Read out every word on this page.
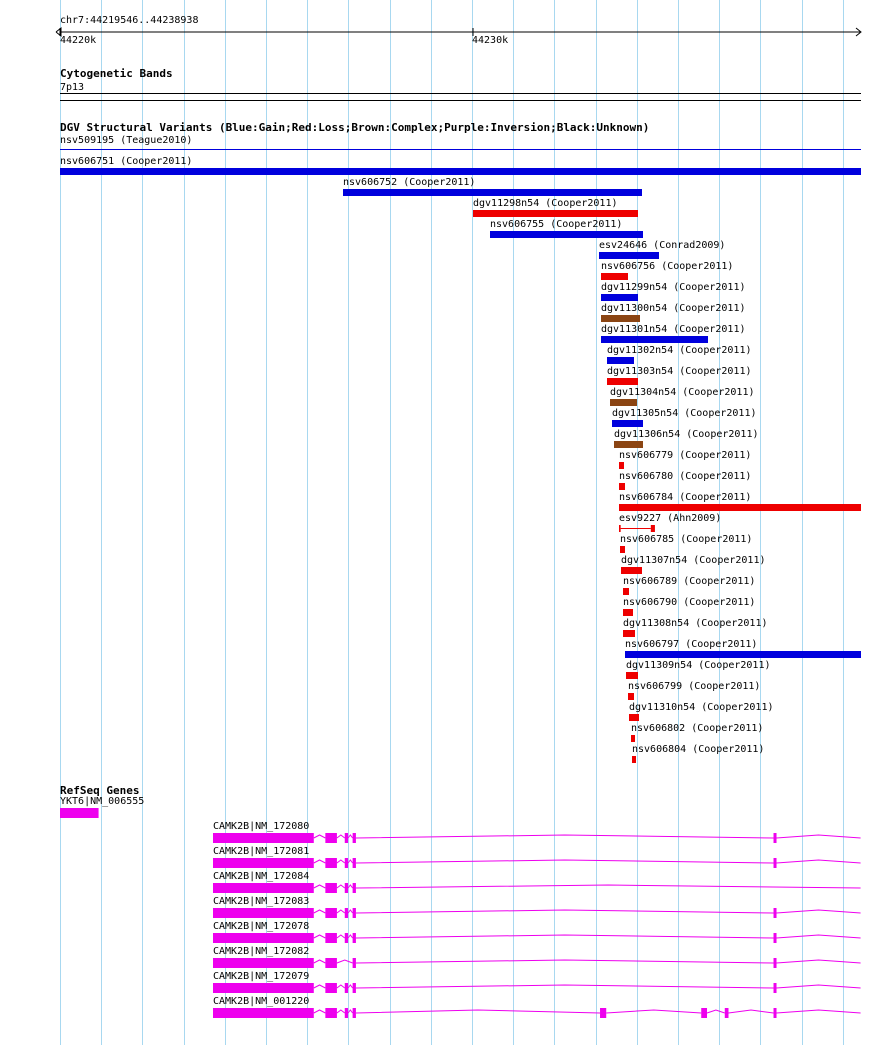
chr7:44219546..44238938
44220k	44230k
Cytogenetic Bands
7p13
DGV Structural Variants (Blue:Gain;Red:Loss;Brown:Complex;Purple:Inversion;Black:Unknown)
RefSeq Genes
nsv509195 (Teague2010)
nsv606751 (Cooper2011)
nsv606752 (Cooper2011)
dgv11298n54 (Cooper2011)
nsv606755 (Cooper2011)
esv24646 (Conrad2009)
nsv606756 (Cooper2011)
dgv11299n54 (Cooper2011)
dgv11300n54 (Cooper2011)
dgv11301n54 (Cooper2011)
dgv11302n54 (Cooper2011)
dgv11303n54 (Cooper2011)
dgv11304n54 (Cooper2011)
dgv11305n54 (Cooper2011)
dgv11306n54 (Cooper2011)
nsv606779 (Cooper2011)
nsv606780 (Cooper2011)
nsv606784 (Cooper2011)
esv9227 (Ahn2009)
nsv606785 (Cooper2011)
dgv11307n54 (Cooper2011)
nsv606789 (Cooper2011)
nsv606790 (Cooper2011)
dgv11308n54 (Cooper2011)
nsv606797 (Cooper2011)
dgv11309n54 (Cooper2011)
nsv606799 (Cooper2011)
dgv11310n54 (Cooper2011)
nsv606802 (Cooper2011)
nsv606804 (Cooper2011)
YKT6|NM_006555
CAMK2B|NM_172080
CAMK2B|NM_172081
CAMK2B|NM_172084
CAMK2B|NM_172083
CAMK2B|NM_172078
CAMK2B|NM_172082
CAMK2B|NM_172079
CAMK2B|NM_001220
